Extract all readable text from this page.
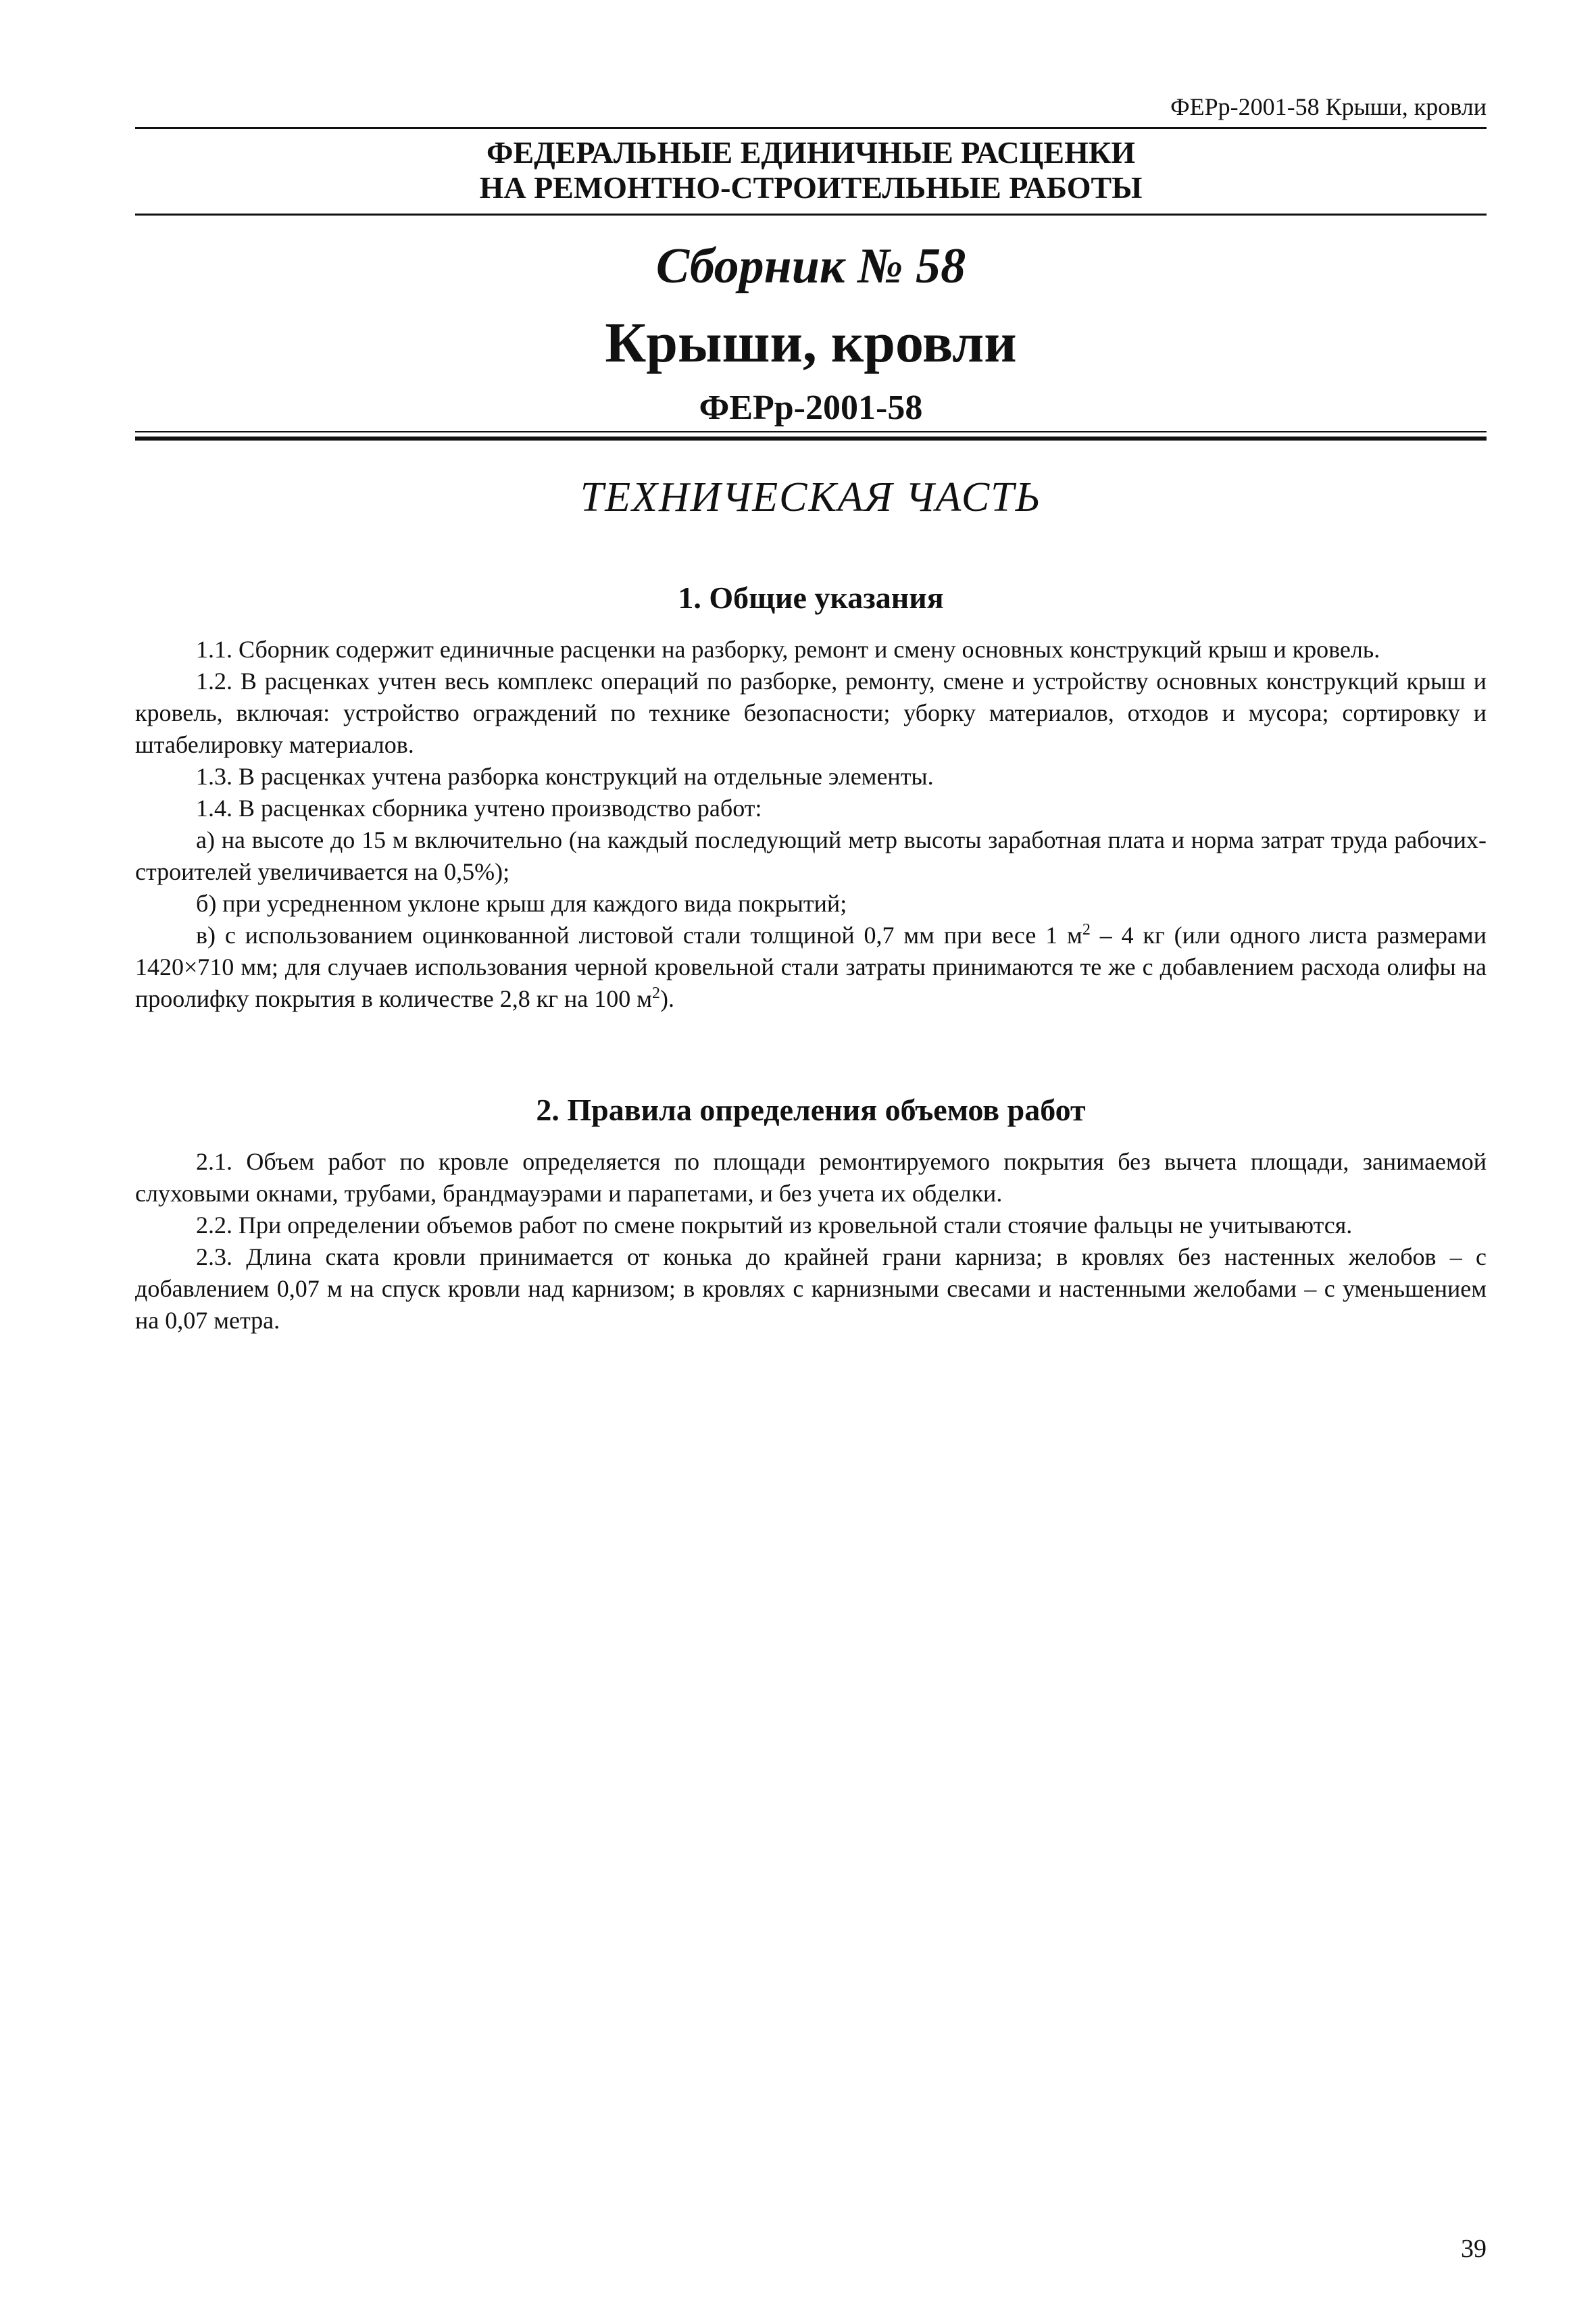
ФЕРр-2001-58 Крыши, кровли
ФЕДЕРАЛЬНЫЕ ЕДИНИЧНЫЕ РАСЦЕНКИ
НА РЕМОНТНО-СТРОИТЕЛЬНЫЕ РАБОТЫ
Сборник № 58
Крыши, кровли
ФЕРр-2001-58
ТЕХНИЧЕСКАЯ ЧАСТЬ
1. Общие указания

1.1. Сборник содержит единичные расценки на разборку, ремонт и смену основных конструкций крыш и кровель.

1.2. В расценках учтен весь комплекс операций по разборке, ремонту, смене и устройству основных конструкций крыш и кровель, включая: устройство ограждений по технике безопасности; уборку материалов, отходов и мусора; сортировку и штабелировку материалов.

1.3. В расценках учтена разборка конструкций на отдельные элементы.

1.4. В расценках сборника учтено производство работ:

а) на высоте до 15 м включительно (на каждый последующий метр высоты заработная плата и норма затрат труда рабочих-строителей увеличивается на 0,5%);

б) при усредненном уклоне крыш для каждого вида покрытий;

в) с использованием оцинкованной листовой стали толщиной 0,7 мм при весе 1 $м^2 - 4$ кг (или одного листа размерами 1420×710 мм; для случаев использования черной кровельной стали затраты принимаются те же с добавлением расхода олифы на проолифку покрытия в количестве 2,8 кг на 100 $м^2$).

2. Правила определения объемов работ

2.1. Объем работ по кровле определяется по площади ремонтируемого покрытия без вычета площади, занимаемой слуховыми окнами, трубами, брандмауэрами и парапетами, и без учета их обделки.

2.2. При определении объемов работ по смене покрытий из кровельной стали стоячие фальцы не учитываются.

2.3. Длина ската кровли принимается от конька до крайней грани карниза; в кровлях без настенных желобов – с добавлением 0,07 м на спуск кровли над карнизом; в кровлях с карнизными свесами и настенными желобами – с уменьшением на 0,07 метра.

39
